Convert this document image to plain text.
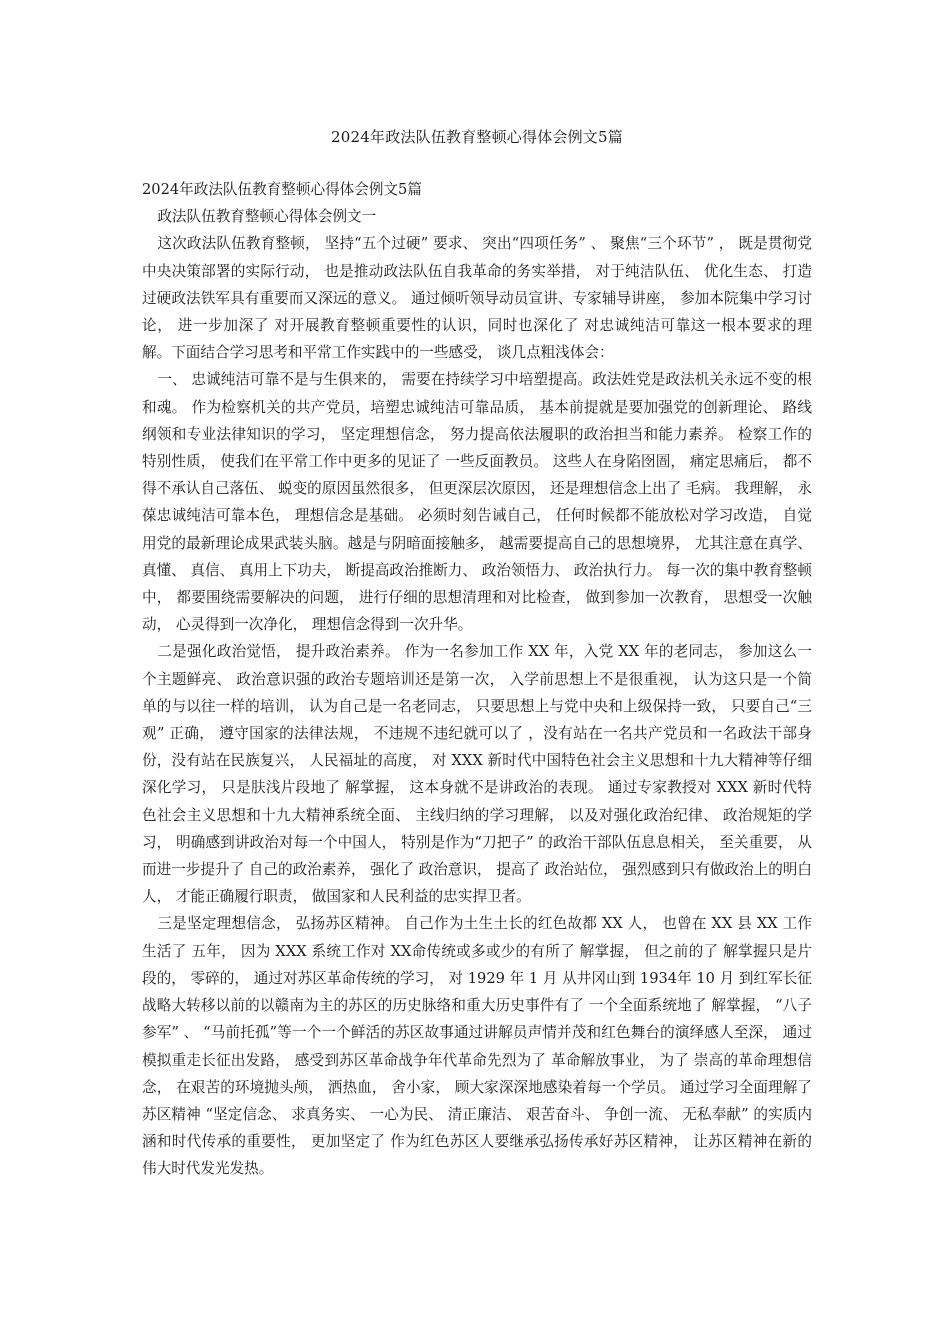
2024年政法队伍教育整顿心得体会例文5篇

2024年政法队伍教育整顿心得体会例文5篇

政法队伍教育整顿心得体会例文一

这次政法队伍教育整顿， 坚持“五个过硬” 要求、 突出“四项任务” 、 聚焦“三个环节” ， 既是贯彻党中央决策部署的实际行动， 也是推动政法队伍自我革命的务实举措， 对于纯洁队伍、 优化生态、 打造过硬政法铁军具有重要而又深远的意义。 通过倾听领导动员宣讲、专家辅导讲座， 参加本院集中学习讨论， 进一步加深了 对开展教育整顿重要性的认识，同时也深化了 对忠诚纯洁可靠这一根本要求的理解。下面结合学习思考和平常工作实践中的一些感受， 谈几点粗浅体会：

一、 忠诚纯洁可靠不是与生俱来的， 需要在持续学习中培塑提高。政法姓党是政法机关永远不变的根和魂。 作为检察机关的共产党员，培塑忠诚纯洁可靠品质， 基本前提就是要加强党的创新理论、 路线纲领和专业法律知识的学习， 坚定理想信念， 努力提高依法履职的政治担当和能力素养。 检察工作的特别性质， 使我们在平常工作中更多的见证了 一些反面教员。 这些人在身陷囹圄， 痛定思痛后， 都不得不承认自己落伍、 蜕变的原因虽然很多， 但更深层次原因， 还是理想信念上出了 毛病。 我理解， 永葆忠诚纯洁可靠本色， 理想信念是基础。 必须时刻告诫自己， 任何时候都不能放松对学习改造， 自觉用党的最新理论成果武装头脑。越是与阴暗面接触多， 越需要提高自己的思想境界， 尤其注意在真学、 真懂、 真信、 真用上下功夫， 断提高政治推断力、 政治领悟力、 政治执行力。 每一次的集中教育整顿中， 都要围绕需要解决的问题， 进行仔细的思想清理和对比检查， 做到参加一次教育， 思想受一次触动， 心灵得到一次净化， 理想信念得到一次升华。

二是强化政治觉悟， 提升政治素养。 作为一名参加工作 XX 年，入党 XX 年的老同志， 参加这么一个主题鲜亮、 政治意识强的政治专题培训还是第一次， 入学前思想上不是很重视， 认为这只是一个简单的与以往一样的培训， 认为自己是一名老同志， 只要思想上与党中央和上级保持一致， 只要自己“三观” 正确， 遵守国家的法律法规， 不违规不违纪就可以了 ，没有站在一名共产党员和一名政法干部身份，没有站在民族复兴， 人民福址的高度， 对 XXX 新时代中国特色社会主义思想和十九大精神等仔细深化学习， 只是肤浅片段地了 解掌握， 这本身就不是讲政治的表现。 通过专家教授对 XXX 新时代特色社会主义思想和十九大精神系统全面、 主线归纳的学习理解， 以及对强化政治纪律、 政治规矩的学习， 明确感到讲政治对每一个中国人， 特别是作为“刀把子” 的政治干部队伍息息相关， 至关重要， 从而进一步提升了 自己的政治素养， 强化了 政治意识， 提高了 政治站位， 强烈感到只有做政治上的明白人， 才能正确履行职责， 做国家和人民利益的忠实捍卫者。

三是坚定理想信念， 弘扬苏区精神。 自己作为土生土长的红色故都 XX 人， 也曾在 XX 县 XX 工作生活了 五年， 因为 XXX 系统工作对 XX命传统或多或少的有所了 解掌握， 但之前的了 解掌握只是片段的， 零碎的， 通过对苏区革命传统的学习， 对 1929 年 1 月 从井冈山到 1934年 10 月 到红军长征战略大转移以前的以赣南为主的苏区的历史脉络和重大历史事件有了 一个全面系统地了 解掌握， “八子参军” 、 “马前托孤”等一个一个鲜活的苏区故事通过讲解员声情并茂和红色舞台的演绎感人至深， 通过模拟重走长征出发路， 感受到苏区革命战争年代革命先烈为了 革命解放事业， 为了 崇高的革命理想信念， 在艰苦的环境抛头颅， 洒热血， 舍小家， 顾大家深深地感染着每一个学员。 通过学习全面理解了 苏区精神 “坚定信念、 求真务实、 一心为民、 清正廉洁、 艰苦奋斗、 争创一流、 无私奉献” 的实质内涵和时代传承的重要性， 更加坚定了 作为红色苏区人要继承弘扬传承好苏区精神， 让苏区精神在新的伟大时代发光发热。
